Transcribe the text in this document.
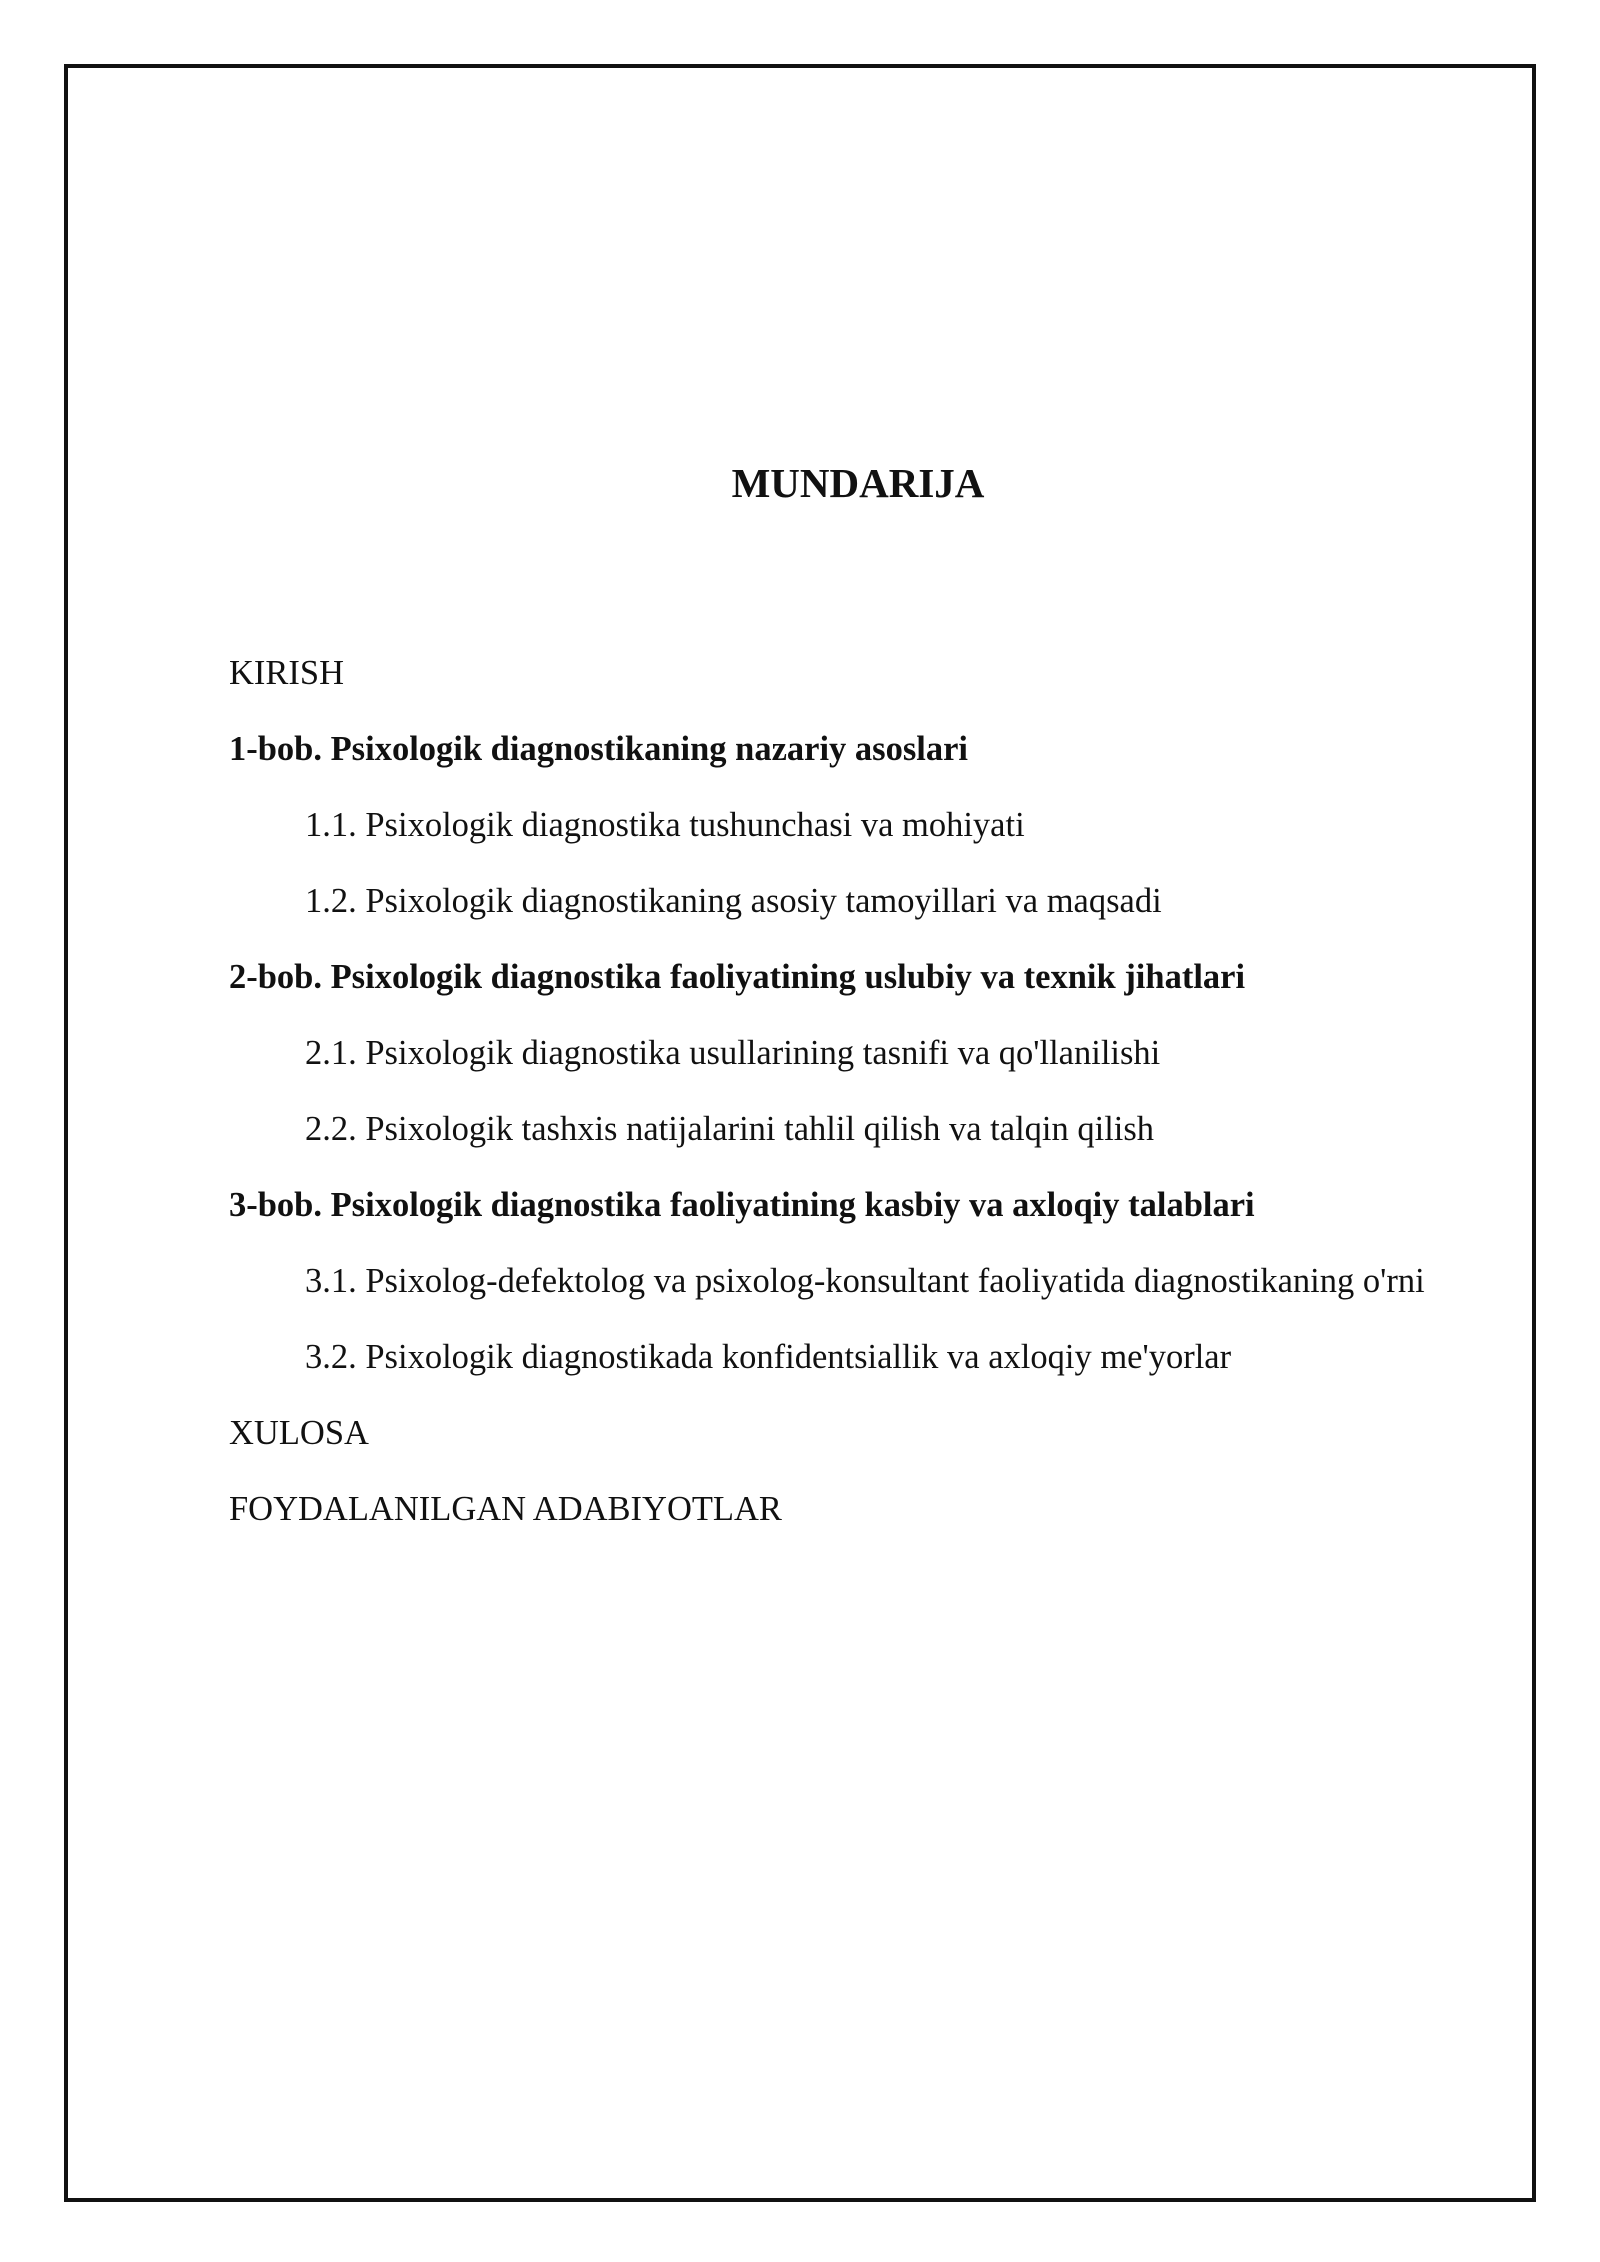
MUNDARIJA
KIRISH
1-bob. Psixologik diagnostikaning nazariy asoslari
1.1. Psixologik diagnostika tushunchasi va mohiyati
1.2. Psixologik diagnostikaning asosiy tamoyillari va maqsadi
2-bob. Psixologik diagnostika faoliyatining uslubiy va texnik jihatlari
2.1. Psixologik diagnostika usullarining tasnifi va qo'llanilishi
2.2. Psixologik tashxis natijalarini tahlil qilish va talqin qilish
3-bob. Psixologik diagnostika faoliyatining kasbiy va axloqiy talablari
3.1. Psixolog-defektolog va psixolog-konsultant faoliyatida diagnostikaning o'rni
3.2. Psixologik diagnostikada konfidentsiallik va axloqiy me'yorlar
XULOSA
FOYDALANILGAN ADABIYOTLAR
